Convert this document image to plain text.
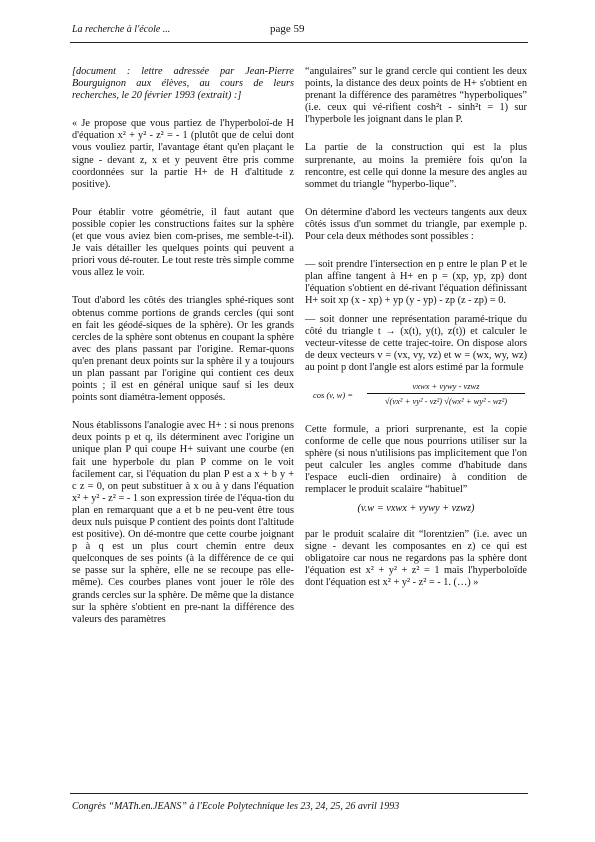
La recherche à l'école ...	page 59

[document : lettre adressée par Jean-Pierre Bourguignon aux élèves, au cours de leurs recherches, le 20 février 1993 (extrait) :]

« Je propose que vous partiez de l'hyperboloï-de H d'équation x² + y² - z² = - 1 (plutôt que de celui dont vous vouliez partir, l'avantage étant qu'en plaçant le signe - devant z, x et y peuvent être pris comme coordonnées sur la partie H+ de H d'altitude z positive).

Pour établir votre géométrie, il faut autant que possible copier les constructions faites sur la sphère (et que vous aviez bien com-prises, me semble-t-il). Je vais détailler les quelques points qui peuvent a priori vous dé-router. Le tout reste très simple comme vous allez le voir.

Tout d'abord les côtés des triangles sphé-riques sont obtenus comme portions de grands cercles (qui sont en fait les géodé-siques de la sphère). Or les grands cercles de la sphère sont obtenus en coupant la sphère avec des plans passant par l'origine. Remar-quons qu'en prenant deux points sur la sphère il y a toujours un plan passant par l'origine qui contient ces deux points ; il est en général unique sauf si les deux points sont diamétra-lement opposés.

Nous établissons l'analogie avec H+ : si nous prenons deux points p et q, ils déterminent avec l'origine un unique plan P qui coupe H+ suivant une courbe (en fait une hyperbole du plan P comme on le voit facilement car, si l'équation du plan P est a x + b y + c z = 0, on peut substituer à x ou à y dans l'équation x² + y² - z² = - 1 son expression tirée de l'équa-tion du plan en remarquant que a et b ne peu-vent être tous deux nuls puisque P contient des points dont l'altitude est positive). On dé-montre que cette courbe joignant p à q est un plus court chemin entre deux quelconques de ses points (à la différence de ce qui se passe sur la sphère, elle ne se recoupe pas elle-même). Ces courbes planes vont jouer le rôle des grands cercles sur la sphère. De même que la distance sur la sphère s'obtient en pre-nant la différence des valeurs des paramètres

“angulaires” sur le grand cercle qui contient les deux points, la distance des deux points de H+ s'obtient en prenant la différence des paramètres “hyperboliques” (i.e. ceux qui vé-rifient cosh²t - sinh²t = 1) sur l'hyperbole les joignant dans le plan P.

La partie de la construction qui est la plus surprenante, au moins la première fois qu'on la rencontre, est celle qui donne la mesure des angles au sommet du triangle “hyperbo-lique”.

On détermine d'abord les vecteurs tangents aux deux côtés issus d'un sommet du triangle, par exemple p. Pour cela deux méthodes sont possibles :

— soit prendre l'intersection en p entre le plan P et le plan affine tangent à H+ en p = (xp, yp, zp) dont l'équation s'obtient en dé-rivant l'équation définissant H+ soit xp (x - xp) + yp (y - yp) - zp (z - zp) = 0.

— soit donner une représentation paramé-trique du côté du triangle t → (x(t), y(t), z(t)) et calculer le vecteur-vitesse de cette trajec-toire. On dispose alors de deux vecteurs v = (vx, vy, vz) et w = (wx, wy, wz) au point p dont l'angle est alors estimé par la formule

cos (v, w) =
vxwx + vywy - vzwz
√(vx² + vy² - vz²) √(wx² + wy² - wz²)

Cette formule, a priori surprenante, est la copie conforme de celle que nous pourrions utiliser sur la sphère (si nous n'utilisions pas implicitement que l'on peut calculer les angles comme d'habitude dans l'espace eucli-dien ordinaire) à condition de remplacer le produit scalaire “habituel”

(v.w = vxwx + vywy + vzwz)

par le produit scalaire dit “lorentzien” (i.e. avec un signe - devant les composantes en z) ce qui est obligatoire car nous ne regardons pas la sphère dont l'équation est x² + y² + z² = 1 mais l'hyperboloïde dont l'équation est x² + y² - z² = - 1. (…) »

Congrès “MATh.en.JEANS” à l'Ecole Polytechnique les 23, 24, 25, 26 avril 1993
